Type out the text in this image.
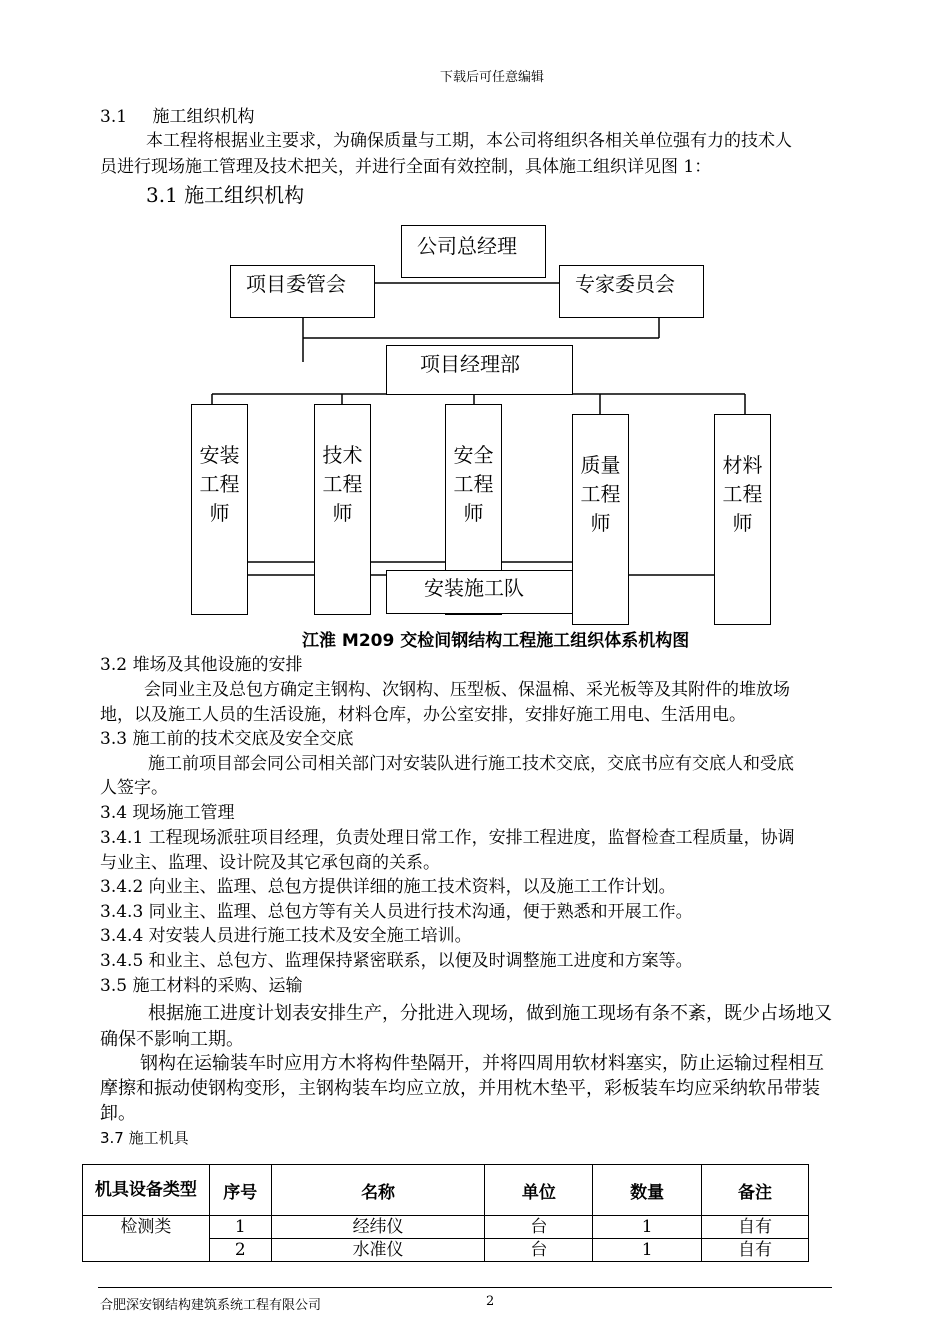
下载后可任意编辑
3.1 施工组织机构
本工程将根据业主要求，为确保质量与工期，本公司将组织各相关单位强有力的技术人
员进行现场施工管理及技术把关，并进行全面有效控制，具体施工组织详见图 1：
3.1 施工组织机构
公司总经理
项目委管会	专家委员会
项目经理部
安装工程师
技术工程师
安全工程师
安装施工队
质量工程师
材料工程师
江淮 M209 交检间钢结构工程施工组织体系机构图
3.2 堆场及其他设施的安排
会同业主及总包方确定主钢构、次钢构、压型板、保温棉、采光板等及其附件的堆放场
地，以及施工人员的生活设施，材料仓库，办公室安排，安排好施工用电、生活用电。
3.3 施工前的技术交底及安全交底
施工前项目部会同公司相关部门对安装队进行施工技术交底，交底书应有交底人和受底
人签字。
3.4 现场施工管理
3.4.1 工程现场派驻项目经理，负责处理日常工作，安排工程进度，监督检查工程质量，协调
与业主、监理、设计院及其它承包商的关系。
3.4.2 向业主、监理、总包方提供详细的施工技术资料，以及施工工作计划。
3.4.3 同业主、监理、总包方等有关人员进行技术沟通，便于熟悉和开展工作。
3.4.4 对安装人员进行施工技术及安全施工培训。
3.4.5 和业主、总包方、监理保持紧密联系，以便及时调整施工进度和方案等。
3.5 施工材料的采购、运输
根据施工进度计划表安排生产，分批进入现场，做到施工现场有条不紊，既少占场地又
确保不影响工期。
钢构在运输装车时应用方木将构件垫隔开，并将四周用软材料塞实，防止运输过程相互
摩擦和振动使钢构变形，主钢构装车均应立放，并用枕木垫平，彩板装车均应采纳软吊带装
卸。
3.7 施工机具
机具设备类型	序号	名称	单位	数量	备注
检测类	1	经纬仪	台	1	自有
	2	水准仪	台	1	自有
合肥深安钢结构建筑系统工程有限公司	2
